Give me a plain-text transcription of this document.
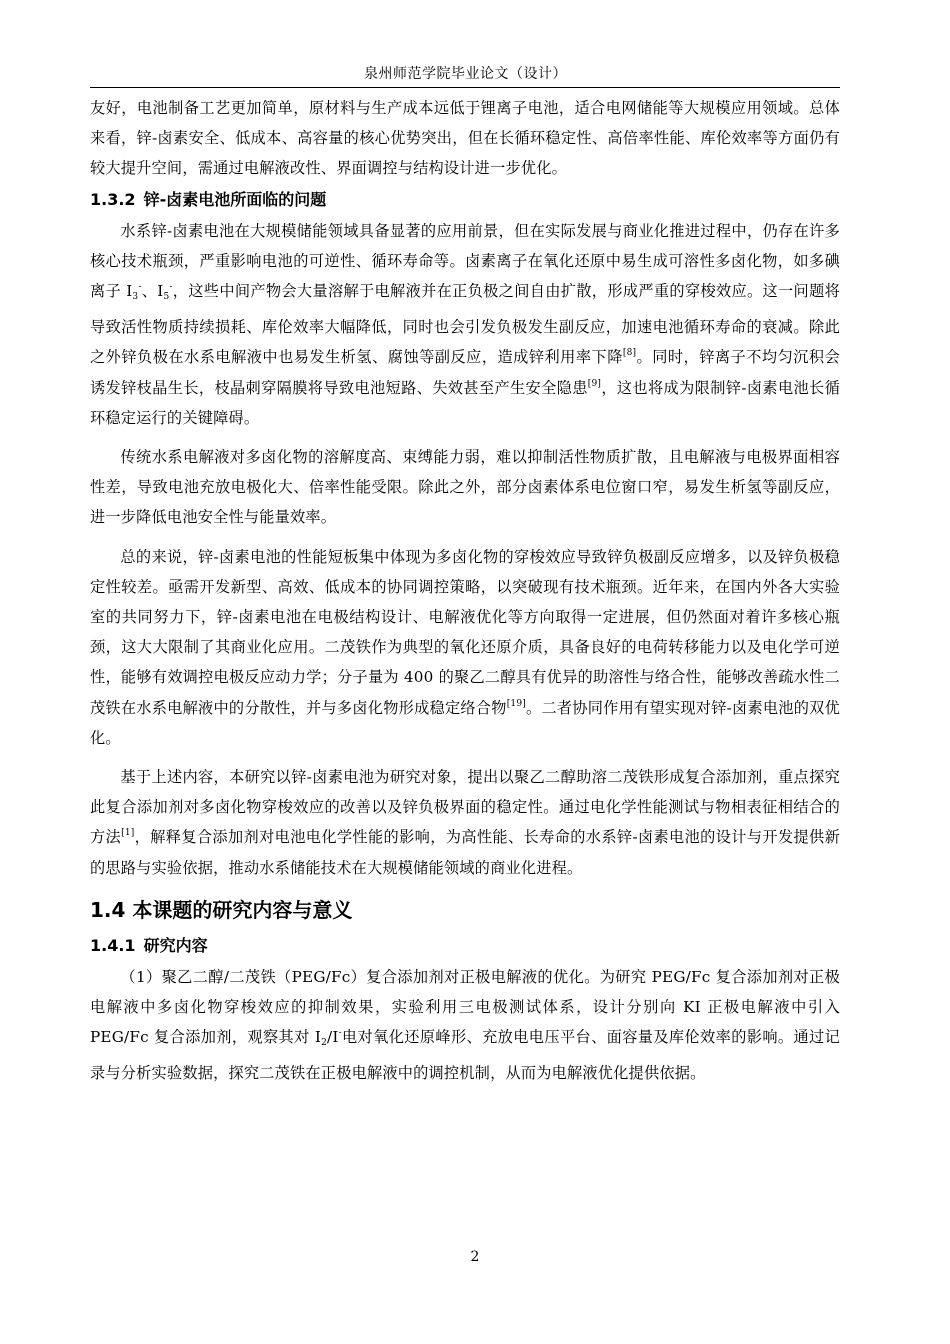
泉州师范学院毕业论文（设计）

友好，电池制备工艺更加简单，原材料与生产成本远低于锂离子电池，适合电网储能等大规模应用领域。总体来看，锌-卤素安全、低成本、高容量的核心优势突出，但在长循环稳定性、高倍率性能、库伦效率等方面仍有较大提升空间，需通过电解液改性、界面调控与结构设计进一步优化。

1.3.2 锌-卤素电池所面临的问题

水系锌-卤素电池在大规模储能领域具备显著的应用前景，但在实际发展与商业化推进过程中，仍存在许多核心技术瓶颈，严重影响电池的可逆性、循环寿命等。卤素离子在氧化还原中易生成可溶性多卤化物，如多碘离子 $I_3^-$、$I_5^-$，这些中间产物会大量溶解于电解液并在正负极之间自由扩散，形成严重的穿梭效应。这一问题将导致活性物质持续损耗、库伦效率大幅降低，同时也会引发负极发生副反应，加速电池循环寿命的衰减。除此之外锌负极在水系电解液中也易发生析氢、腐蚀等副反应，造成锌利用率下降[8]。同时，锌离子不均匀沉积会诱发锌枝晶生长，枝晶刺穿隔膜将导致电池短路、失效甚至产生安全隐患[9]，这也将成为限制锌-卤素电池长循环稳定运行的关键障碍。

传统水系电解液对多卤化物的溶解度高、束缚能力弱，难以抑制活性物质扩散，且电解液与电极界面相容性差，导致电池充放电极化大、倍率性能受限。除此之外，部分卤素体系电位窗口窄，易发生析氢等副反应，进一步降低电池安全性与能量效率。

总的来说，锌-卤素电池的性能短板集中体现为多卤化物的穿梭效应导致锌负极副反应增多，以及锌负极稳定性较差。亟需开发新型、高效、低成本的协同调控策略，以突破现有技术瓶颈。近年来，在国内外各大实验室的共同努力下，锌-卤素电池在电极结构设计、电解液优化等方向取得一定进展，但仍然面对着许多核心瓶颈，这大大限制了其商业化应用。二茂铁作为典型的氧化还原介质，具备良好的电荷转移能力以及电化学可逆性，能够有效调控电极反应动力学；分子量为 400 的聚乙二醇具有优异的助溶性与络合性，能够改善疏水性二茂铁在水系电解液中的分散性，并与多卤化物形成稳定络合物[19]。二者协同作用有望实现对锌-卤素电池的双优化。

基于上述内容，本研究以锌-卤素电池为研究对象，提出以聚乙二醇助溶二茂铁形成复合添加剂，重点探究此复合添加剂对多卤化物穿梭效应的改善以及锌负极界面的稳定性。通过电化学性能测试与物相表征相结合的方法[1]，解释复合添加剂对电池电化学性能的影响，为高性能、长寿命的水系锌-卤素电池的设计与开发提供新的思路与实验依据，推动水系储能技术在大规模储能领域的商业化进程。

1.4 本课题的研究内容与意义
1.4.1 研究内容

（1）聚乙二醇/二茂铁（PEG/Fc）复合添加剂对正极电解液的优化。为研究 PEG/Fc 复合添加剂对正极电解液中多卤化物穿梭效应的抑制效果，实验利用三电极测试体系，设计分别向 KI 正极电解液中引入 PEG/Fc 复合添加剂，观察其对 $I_2/I^-$电对氧化还原峰形、充放电电压平台、面容量及库伦效率的影响。通过记录与分析实验数据，探究二茂铁在正极电解液中的调控机制，从而为电解液优化提供依据。

2
